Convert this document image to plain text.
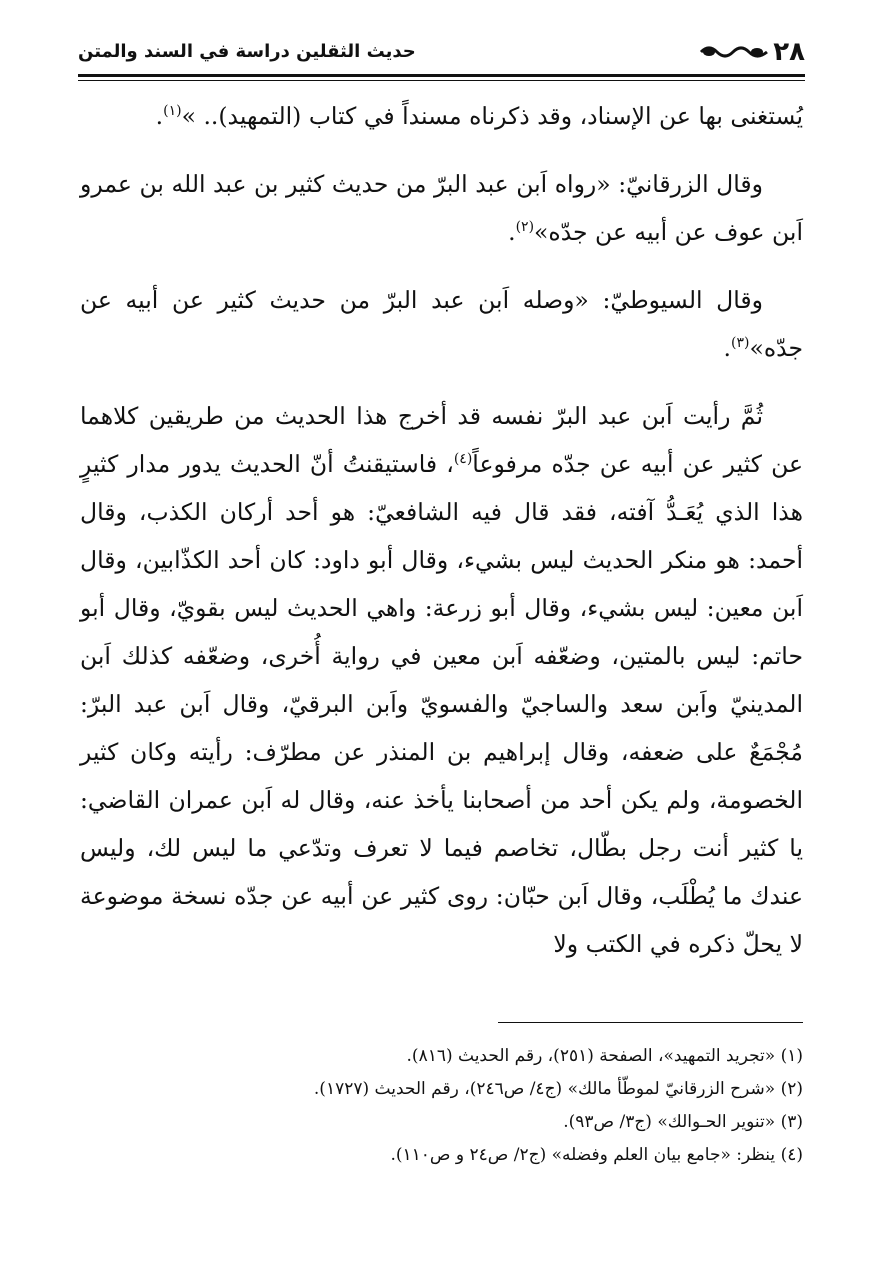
٢٨
حديث الثقلين دراسة في السند والمتن

يُستغنى بها عن الإسناد، وقد ذكرناه مسنداً في كتاب (التمهيد).. »$^{(١)}$.

وقال الزرقانيّ: «رواه اَبن عبد البرّ من حديث كثير بن عبد الله بن عمرو اَبن عوف عن أبيه عن جدّه»$^{(٢)}$.

وقال السيوطيّ: «وصله اَبن عبد البرّ من حديث كثير عن أبيه عن جدّه»$^{(٣)}$.

ثُمَّ رأيت اَبن عبد البرّ نفسه قد أخرج هذا الحديث من طريقين كلاهما عن كثير عن أبيه عن جدّه مرفوعاً$^{(٤)}$، فاستيقنتُ أنّ الحديث يدور مدار كثيرٍ هذا الذي يُعَـدُّ آفته، فقد قال فيه الشافعيّ: هو أحد أركان الكذب، وقال أحمد: هو منكر الحديث ليس بشيء، وقال أبو داود: كان أحد الكذّابين، وقال اَبن معين: ليس بشيء، وقال أبو زرعة: واهي الحديث ليس بقويّ، وقال أبو حاتم: ليس بالمتين، وضعّفه اَبن معين في رواية أُخرى، وضعّفه كذلك اَبن المدينيّ واَبن سعد والساجيّ والفسويّ واَبن البرقيّ، وقال اَبن عبد البرّ: مُجْمَعٌ على ضعفه، وقال إبراهيم بن المنذر عن مطرّف: رأيته وكان كثير الخصومة، ولم يكن أحد من أصحابنا يأخذ عنه، وقال له اَبن عمران القاضي: يا كثير أنت رجل بطّال، تخاصم فيما لا تعرف وتدّعي ما ليس لك، وليس عندك ما يُطْلَب، وقال اَبن حبّان: روى كثير عن أبيه عن جدّه نسخة موضوعة لا يحلّ ذكره في الكتب ولا

(١) «تجريد التمهيد»، الصفحة (٢٥١)، رقم الحديث (٨١٦).

(٢) «شرح الزرقانيّ لموطّأ مالك» (ج٤/ ص٢٤٦)، رقم الحديث (١٧٢٧).

(٣) «تنوير الحـوالك» (ج٣/ ص٩٣).

(٤) ينظر: «جامع بيان العلم وفضله» (ج٢/ ص٢٤ و ص١١٠).
